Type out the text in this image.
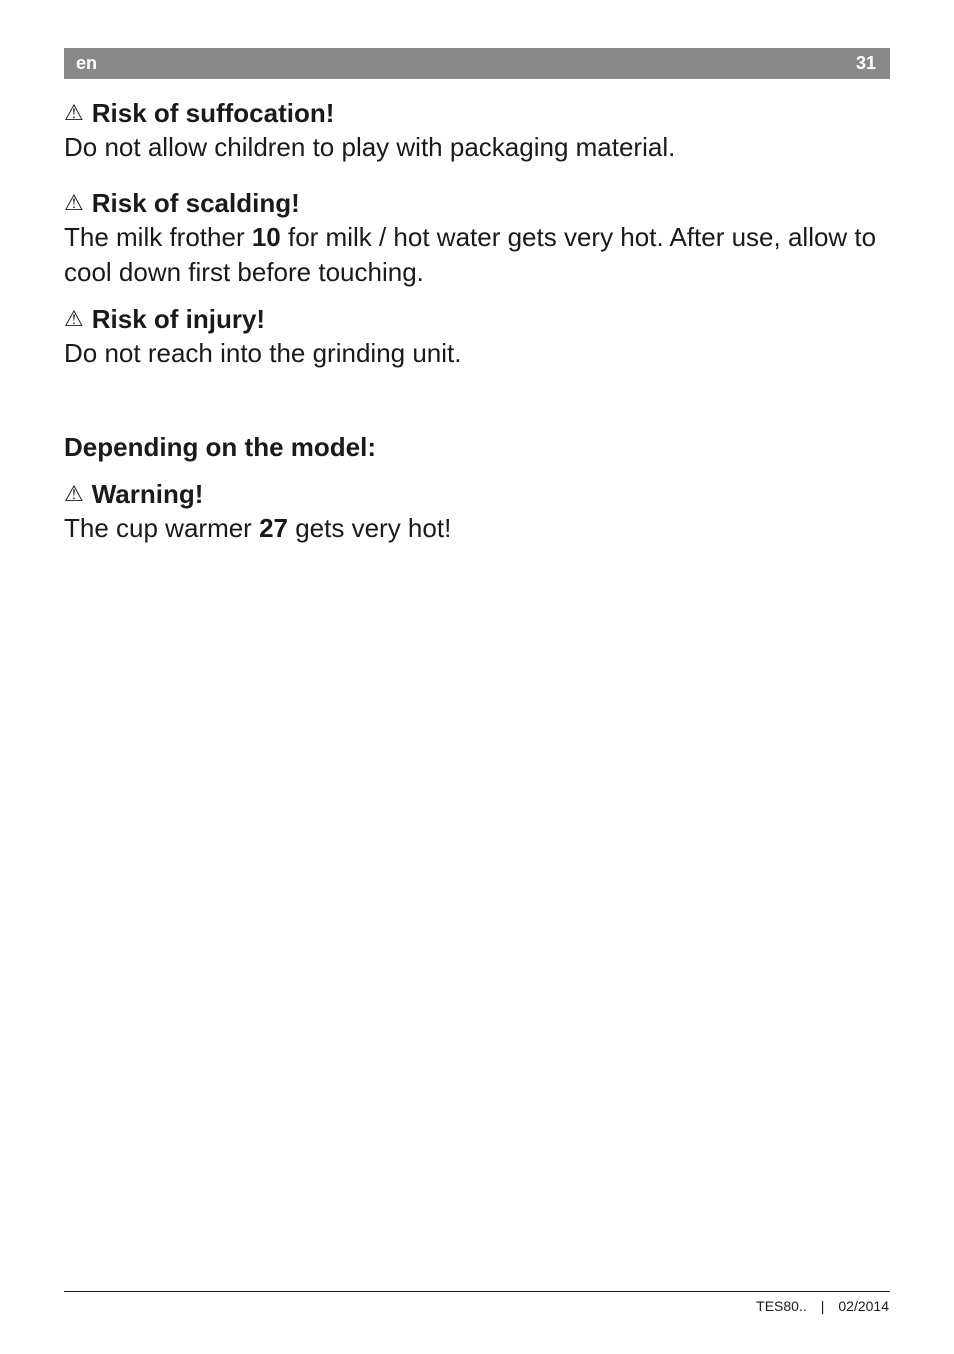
en	31
⚠ Risk of suffocation!

Do not allow children to play with packaging material.

⚠ Risk of scalding!

The milk frother 10 for milk / hot water gets very hot. After use, allow to cool down first before touching.

⚠ Risk of injury!

Do not reach into the grinding unit.

Depending on the model:
⚠ Warning!

The cup warmer 27 gets very hot!

TES80.. | 02/2014
